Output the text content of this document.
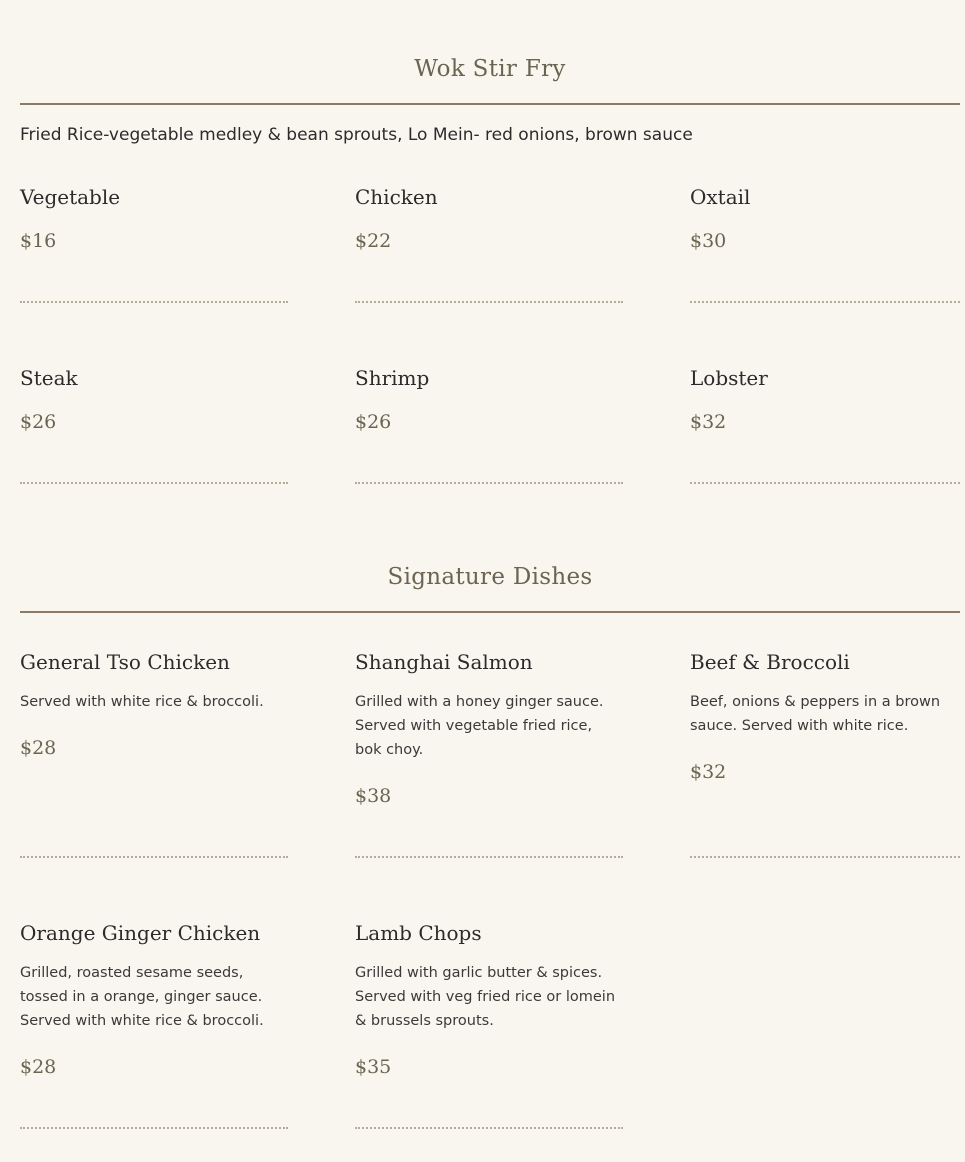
Wok Stir Fry

Fried Rice-vegetable medley & bean sprouts, Lo Mein- red onions, brown sauce

Vegetable

$16

Chicken

$22

Oxtail

$30

Steak

$26

Shrimp

$26

Lobster

$32

Signature Dishes

General Tso Chicken

Served with white rice & broccoli.

$28

Shanghai Salmon

Grilled with a honey ginger sauce. Served with vegetable fried rice, bok choy.

$38

Beef & Broccoli

Beef, onions & peppers in a brown sauce. Served with white rice.

$32

Orange Ginger Chicken

Grilled, roasted sesame seeds, tossed in a orange, ginger sauce. Served with white rice & broccoli.

$28

Lamb Chops

Grilled with garlic butter & spices. Served with veg fried rice or lomein & brussels sprouts.

$35
